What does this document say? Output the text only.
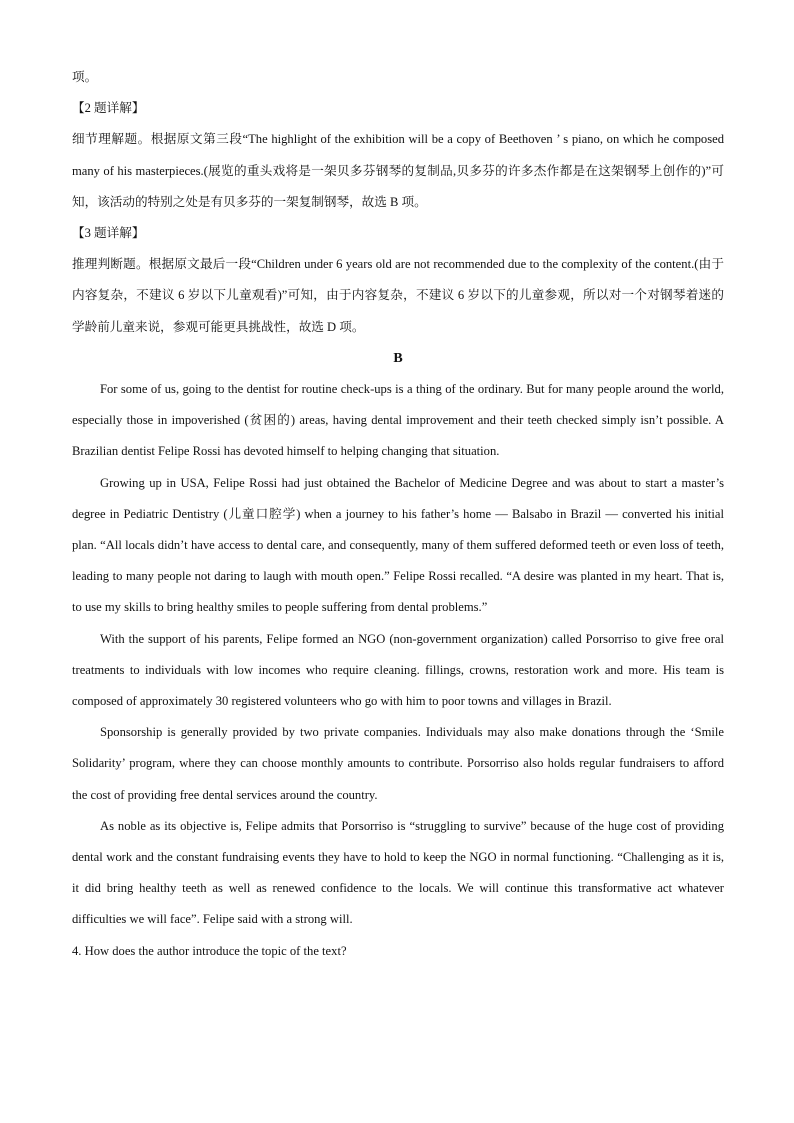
项。

【2 题详解】

细节理解题。根据原文第三段“The highlight of the exhibition will be a copy of Beethoven ’ s piano, on which he composed many of his masterpieces.(展览的重头戏将是一架贝多芬钢琴的复制品,贝多芬的许多杰作都是在这架钢琴上创作的)”可知，该活动的特别之处是有贝多芬的一架复制钢琴，故选 B 项。

【3 题详解】

推理判断题。根据原文最后一段“Children under 6 years old are not recommended due to the complexity of the content.(由于内容复杂，不建议 6 岁以下儿童观看)”可知，由于内容复杂，不建议 6 岁以下的儿童参观，所以对一个对钢琴着迷的学龄前儿童来说，参观可能更具挑战性，故选 D 项。

B

For some of us, going to the dentist for routine check-ups is a thing of the ordinary. But for many people around the world, especially those in impoverished (贫困的) areas, having dental improvement and their teeth checked simply isn’t possible. A Brazilian dentist Felipe Rossi has devoted himself to helping changing that situation.

Growing up in USA, Felipe Rossi had just obtained the Bachelor of Medicine Degree and was about to start a master’s degree in Pediatric Dentistry (儿童口腔学) when a journey to his father’s home — Balsabo in Brazil — converted his initial plan. “All locals didn’t have access to dental care, and consequently, many of them suffered deformed teeth or even loss of teeth, leading to many people not daring to laugh with mouth open.” Felipe Rossi recalled. “A desire was planted in my heart. That is, to use my skills to bring healthy smiles to people suffering from dental problems.”

With the support of his parents, Felipe formed an NGO (non-government organization) called Porsorriso to give free oral treatments to individuals with low incomes who require cleaning. fillings, crowns, restoration work and more. His team is composed of approximately 30 registered volunteers who go with him to poor towns and villages in Brazil.

Sponsorship is generally provided by two private companies. Individuals may also make donations through the ‘Smile Solidarity’ program, where they can choose monthly amounts to contribute. Porsorriso also holds regular fundraisers to afford the cost of providing free dental services around the country.

As noble as its objective is, Felipe admits that Porsorriso is “struggling to survive” because of the huge cost of providing dental work and the constant fundraising events they have to hold to keep the NGO in normal functioning. “Challenging as it is, it did bring healthy teeth as well as renewed confidence to the locals. We will continue this transformative act whatever difficulties we will face”. Felipe said with a strong will.

4. How does the author introduce the topic of the text?
